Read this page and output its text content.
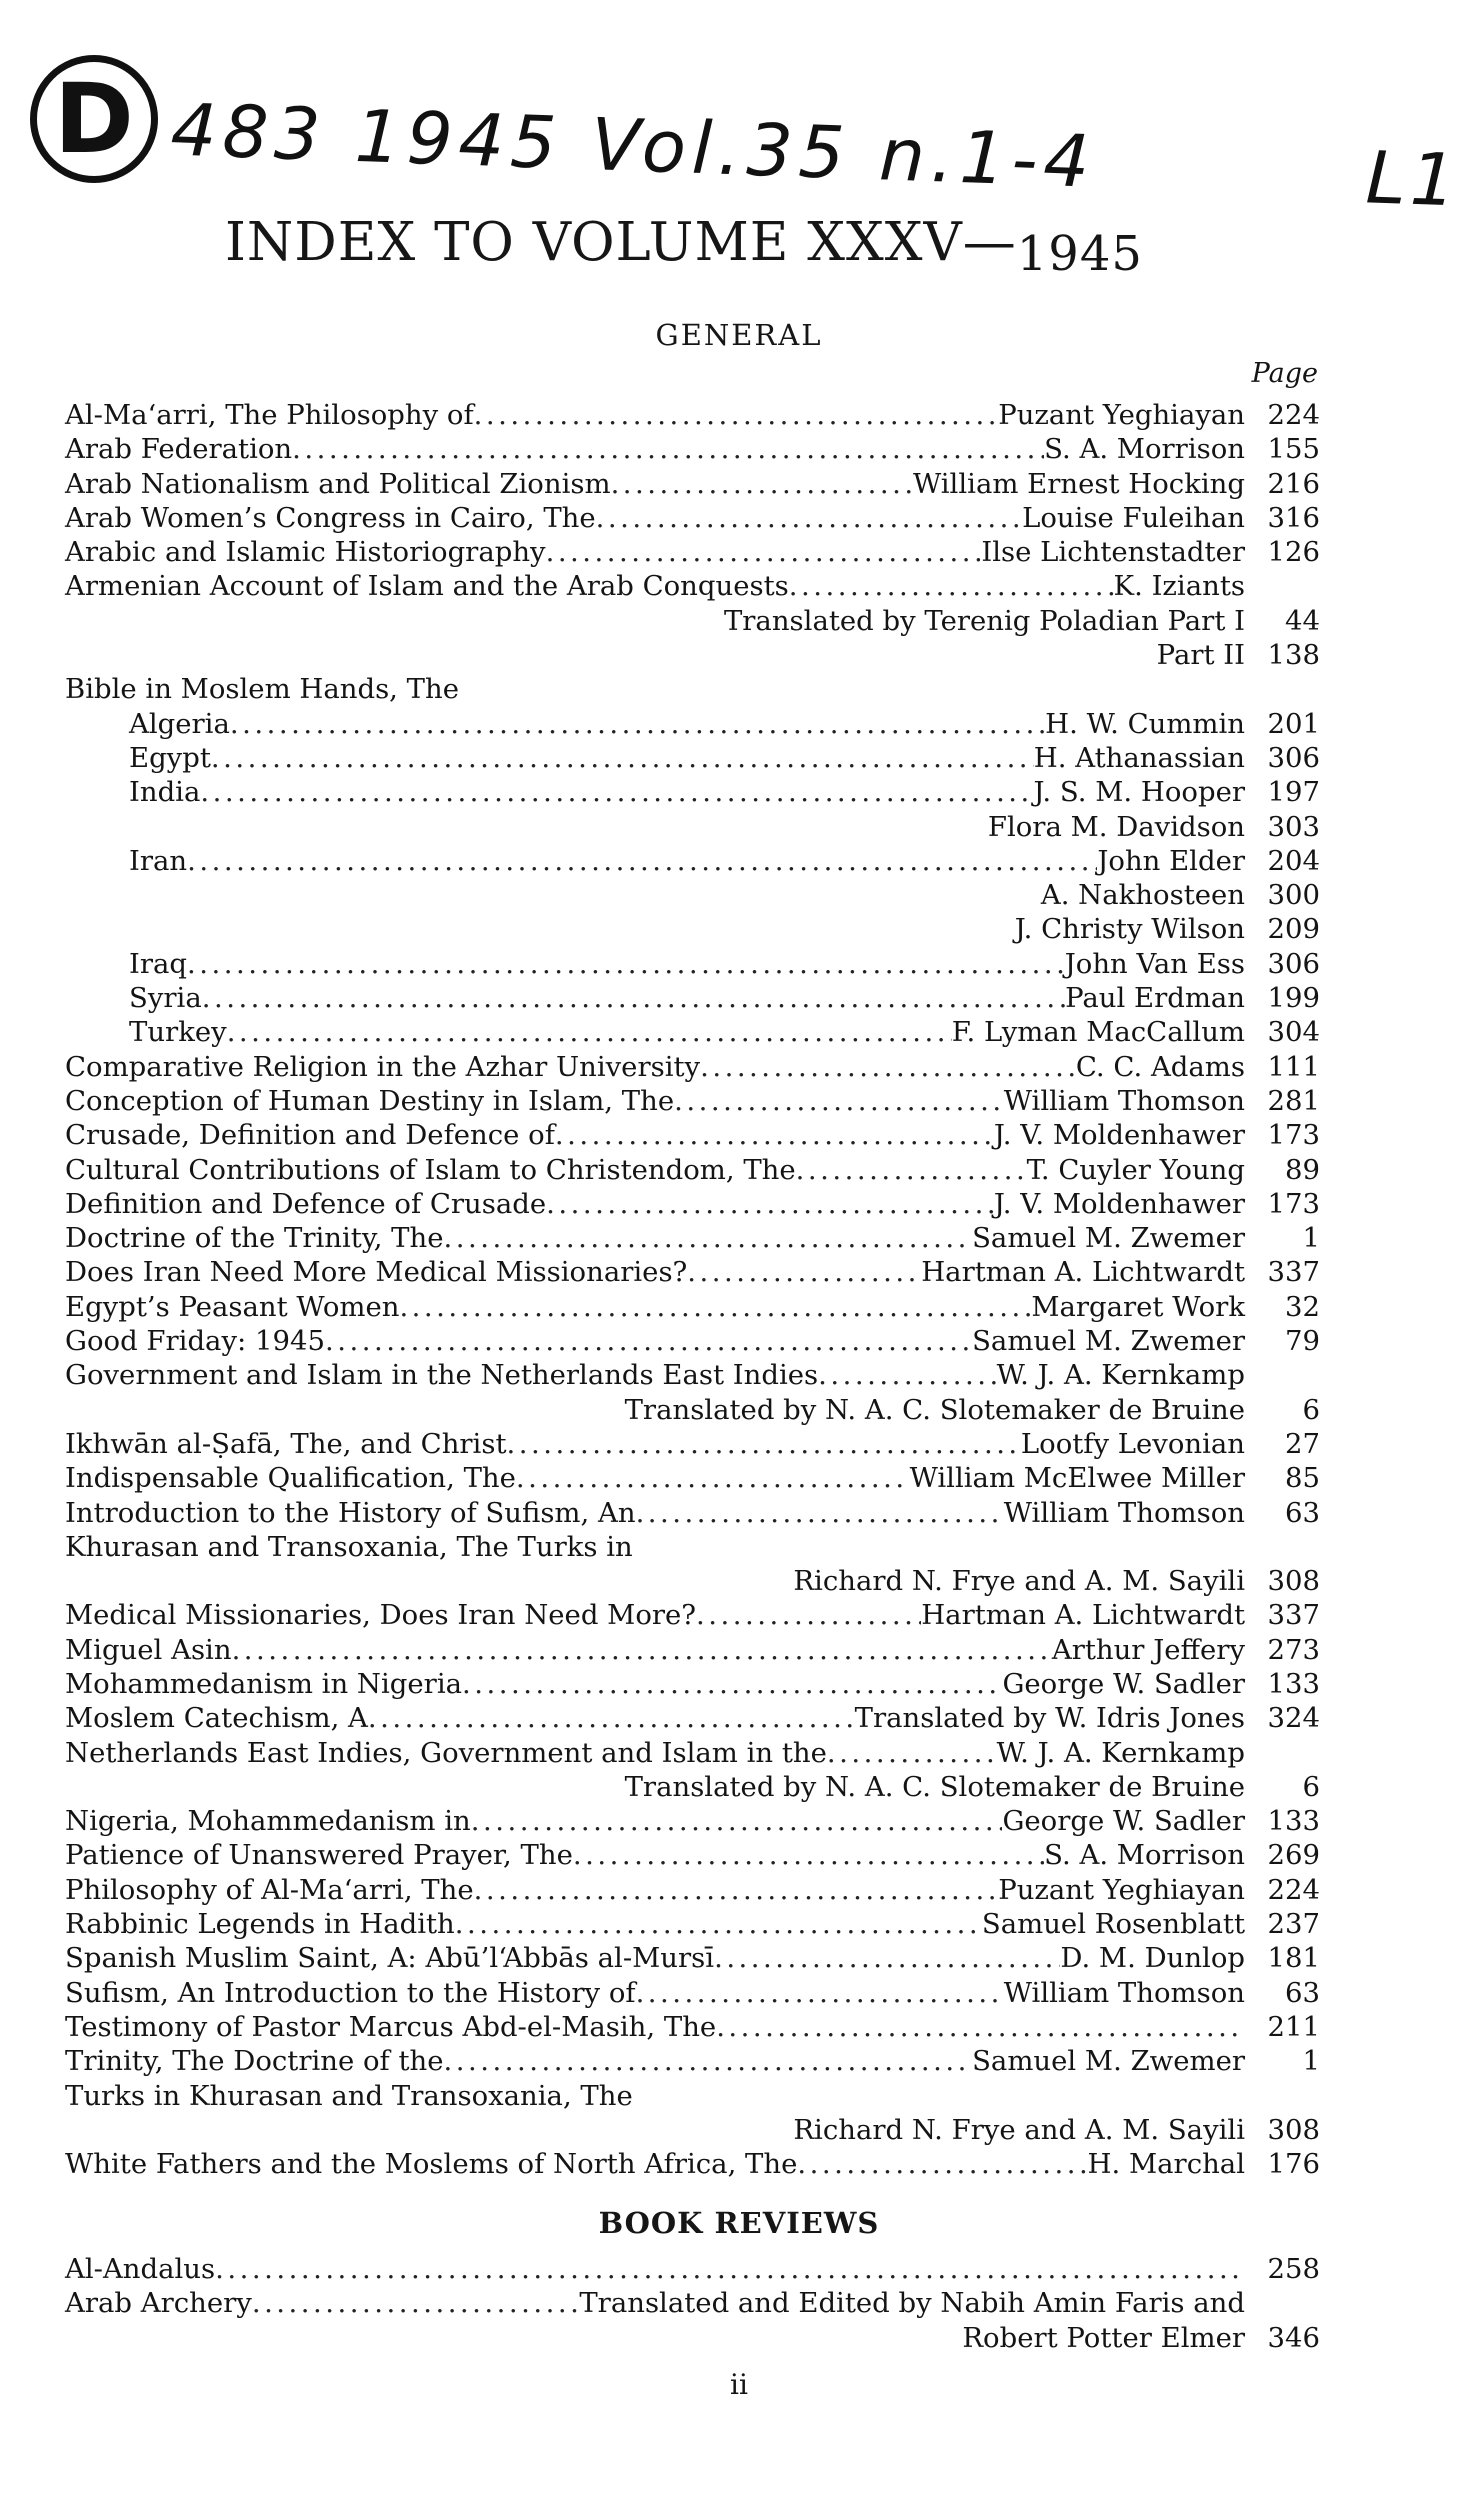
D 483 1945 Vol.35 n.1-4	L1
INDEX TO VOLUME XXXV—1945
GENERAL
Page
Al-Ma‘arri, The Philosophy of .....	Puzant Yeghiayan 224
Arab Federation .....	S. A. Morrison 155
Arab Nationalism and Political Zionism .....	William Ernest Hocking 216
Arab Women’s Congress in Cairo, The .....	Louise Fuleihan 316
Arabic and Islamic Historiography .....	Ilse Lichtenstadter 126
Armenian Account of Islam and the Arab Conquests .....	K. Iziants
Translated by Terenig Poladian Part I	44
Part II 138
Bible in Moslem Hands, The
Algeria .....	H. W. Cummin 201
Egypt .....	H. Athanassian 306
India .....	J. S. M. Hooper 197
Flora M. Davidson 303
Iran .....	John Elder 204
A. Nakhosteen 300
J. Christy Wilson 209
Iraq .....	John Van Ess 306
Syria .....	Paul Erdman 199
Turkey .....	F. Lyman MacCallum 304
Comparative Religion in the Azhar University .....	C. C. Adams 111
Conception of Human Destiny in Islam, The .....	William Thomson 281
Crusade, Definition and Defence of .....	J. V. Moldenhawer 173
Cultural Contributions of Islam to Christendom, The .....	T. Cuyler Young	89
Definition and Defence of Crusade .....	J. V. Moldenhawer 173
Doctrine of the Trinity, The .....	Samuel M. Zwemer	1
Does Iran Need More Medical Missionaries? .....	Hartman A. Lichtwardt 337
Egypt’s Peasant Women .....	Margaret Work	32
Good Friday: 1945 .....	Samuel M. Zwemer	79
Government and Islam in the Netherlands East Indies .....	W. J. A. Kernkamp
Translated by N. A. C. Slotemaker de Bruine	6
Ikhwān al-Ṣafā, The, and Christ .....	Lootfy Levonian	27
Indispensable Qualification, The .....	William McElwee Miller	85
Introduction to the History of Sufism, An .....	William Thomson	63
Khurasan and Transoxania, The Turks in
Richard N. Frye and A. M. Sayili 308
Medical Missionaries, Does Iran Need More? .....	Hartman A. Lichtwardt 337
Miguel Asin .....	Arthur Jeffery 273
Mohammedanism in Nigeria .....	George W. Sadler 133
Moslem Catechism, A .....	Translated by W. Idris Jones 324
Netherlands East Indies, Government and Islam in the .....	W. J. A. Kernkamp
Translated by N. A. C. Slotemaker de Bruine	6
Nigeria, Mohammedanism in .....	George W. Sadler 133
Patience of Unanswered Prayer, The .....	S. A. Morrison 269
Philosophy of Al-Ma‘arri, The .....	Puzant Yeghiayan 224
Rabbinic Legends in Hadith .....	Samuel Rosenblatt 237
Spanish Muslim Saint, A: Abū’l‘Abbās al-Mursī .....	D. M. Dunlop 181
Sufism, An Introduction to the History of .....	William Thomson	63
Testimony of Pastor Marcus Abd-el-Masih, The .....	211
Trinity, The Doctrine of the .....	Samuel M. Zwemer	1
Turks in Khurasan and Transoxania, The
Richard N. Frye and A. M. Sayili 308
White Fathers and the Moslems of North Africa, The .....	H. Marchal 176
BOOK REVIEWS
Al-Andalus .....	258
Arab Archery .....	Translated and Edited by Nabih Amin Faris and
Robert Potter Elmer 346
ii
